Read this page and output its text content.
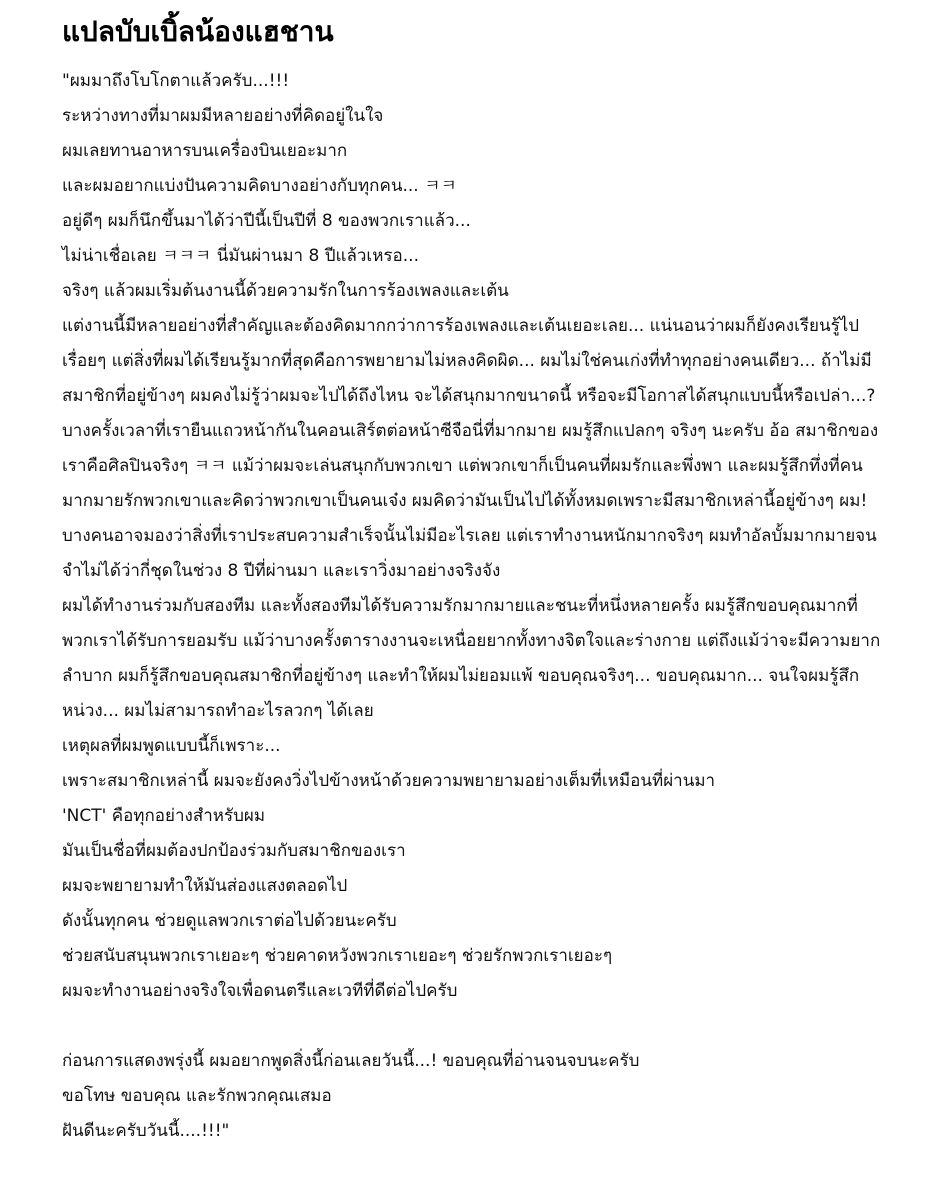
แปลบับเบิ้ลน้องแฮชาน
"ผมมาถึงโบโกตาแล้วครับ...!!!
ระหว่างทางที่มาผมมีหลายอย่างที่คิดอยู่ในใจ
ผมเลยทานอาหารบนเครื่องบินเยอะมาก
และผมอยากแบ่งปันความคิดบางอย่างกับทุกคน... ㅋㅋ
อยู่ดีๆ ผมก็นึกขึ้นมาได้ว่าปีนี้เป็นปีที่ 8 ของพวกเราแล้ว...
ไม่น่าเชื่อเลย ㅋㅋㅋ นี่มันผ่านมา 8 ปีแล้วเหรอ...
จริงๆ แล้วผมเริ่มต้นงานนี้ด้วยความรักในการร้องเพลงและเต้น
แต่งานนี้มีหลายอย่างที่สำคัญและต้องคิดมากกว่าการร้องเพลงและเต้นเยอะเลย... แน่นอนว่าผมก็ยังคงเรียนรู้ไปเรื่อยๆ แต่สิ่งที่ผมได้เรียนรู้มากที่สุดคือการพยายามไม่หลงคิดผิด... ผมไม่ใช่คนเก่งที่ทำทุกอย่างคนเดียว... ถ้าไม่มีสมาชิกที่อยู่ข้างๆ ผมคงไม่รู้ว่าผมจะไปได้ถึงไหน จะได้สนุกมากขนาดนี้ หรือจะมีโอกาสได้สนุกแบบนี้หรือเปล่า...? บางครั้งเวลาที่เรายืนแถวหน้ากันในคอนเสิร์ตต่อหน้าซีจือนี่ที่มากมาย ผมรู้สึกแปลกๆ จริงๆ นะครับ อ้อ สมาชิกของเราคือศิลปินจริงๆ ㅋㅋ แม้ว่าผมจะเล่นสนุกกับพวกเขา แต่พวกเขาก็เป็นคนที่ผมรักและพึ่งพา และผมรู้สึกทึ่งที่คนมากมายรักพวกเขาและคิดว่าพวกเขาเป็นคนเจ๋ง ผมคิดว่ามันเป็นไปได้ทั้งหมดเพราะมีสมาชิกเหล่านี้อยู่ข้างๆ ผม! บางคนอาจมองว่าสิ่งที่เราประสบความสำเร็จนั้นไม่มีอะไรเลย แต่เราทำงานหนักมากจริงๆ ผมทำอัลบั้มมากมายจนจำไม่ได้ว่ากี่ชุดในช่วง 8 ปีที่ผ่านมา และเราวิ่งมาอย่างจริงจัง
ผมได้ทำงานร่วมกับสองทีม และทั้งสองทีมได้รับความรักมากมายและชนะที่หนึ่งหลายครั้ง ผมรู้สึกขอบคุณมากที่พวกเราได้รับการยอมรับ แม้ว่าบางครั้งตารางงานจะเหนื่อยยากทั้งทางจิตใจและร่างกาย แต่ถึงแม้ว่าจะมีความยากลำบาก ผมก็รู้สึกขอบคุณสมาชิกที่อยู่ข้างๆ และทำให้ผมไม่ยอมแพ้ ขอบคุณจริงๆ... ขอบคุณมาก... จนใจผมรู้สึกหน่วง... ผมไม่สามารถทำอะไรลวกๆ ได้เลย
เหตุผลที่ผมพูดแบบนี้ก็เพราะ...
เพราะสมาชิกเหล่านี้ ผมจะยังคงวิ่งไปข้างหน้าด้วยความพยายามอย่างเต็มที่เหมือนที่ผ่านมา
'NCT' คือทุกอย่างสำหรับผม
มันเป็นชื่อที่ผมต้องปกป้องร่วมกับสมาชิกของเรา
ผมจะพยายามทำให้มันส่องแสงตลอดไป
ดังนั้นทุกคน ช่วยดูแลพวกเราต่อไปด้วยนะครับ
ช่วยสนับสนุนพวกเราเยอะๆ ช่วยคาดหวังพวกเราเยอะๆ ช่วยรักพวกเราเยอะๆ
ผมจะทำงานอย่างจริงใจเพื่อดนตรีและเวทีที่ดีต่อไปครับ
ก่อนการแสดงพรุ่งนี้ ผมอยากพูดสิ่งนี้ก่อนเลยวันนี้...! ขอบคุณที่อ่านจนจบนะครับ
ขอโทษ ขอบคุณ และรักพวกคุณเสมอ
ฝันดีนะครับวันนี้....!!!"
